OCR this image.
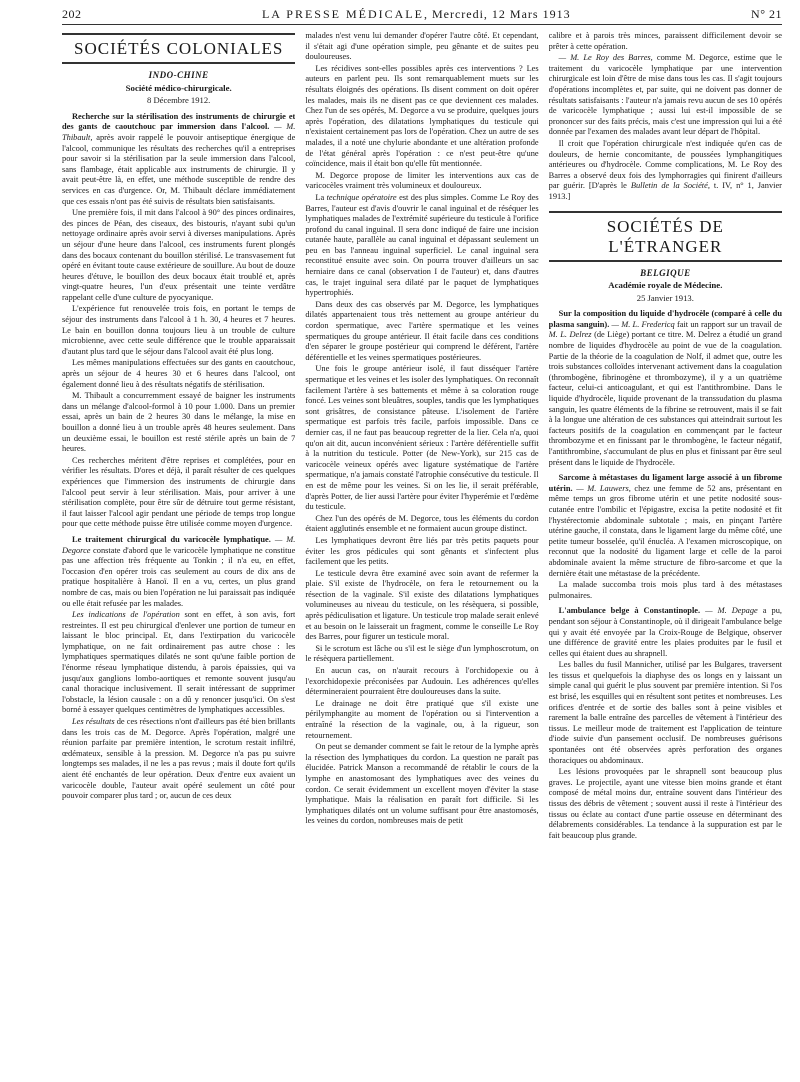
202	LA PRESSE MÉDICALE, Mercredi, 12 Mars 1913	N° 21
SOCIÉTÉS COLONIALES
INDO-CHINE
Société médico-chirurgicale.
8 Décembre 1912.

Recherche sur la stérilisation des instruments de chirurgie et des gants de caoutchouc par immersion dans l'alcool. — M. Thibault, après avoir rappelé le pouvoir antiseptique énergique de l'alcool, communique les résultats des recherches qu'il a entreprises pour savoir si la stérilisation par la seule immersion dans l'alcool, sans flambage, était applicable aux instruments de chirurgie. Il y avait peut-être là, en effet, une méthode susceptible de rendre des services en cas d'urgence. Or, M. Thibault déclare immédiatement que ces essais n'ont pas été suivis de résultats bien satisfaisants.

Une première fois, il mit dans l'alcool à 90° des pinces ordinaires, des pinces de Péan, des ciseaux, des bistouris, n'ayant subi qu'un nettoyage ordinaire après avoir servi à diverses manipulations. Après un séjour d'une heure dans l'alcool, ces instruments furent plongés dans des bocaux contenant du bouillon stérilisé. Le transvasement fut opéré en évitant toute cause extérieure de souillure. Au bout de douze heures d'étuve, le bouillon des deux bocaux était troublé et, après vingt-quatre heures, l'un d'eux présentait une teinte verdâtre rappelant celle d'une culture de pyocyanique.

L'expérience fut renouvelée trois fois, en portant le temps de séjour des instruments dans l'alcool à 1 h. 30, 4 heures et 7 heures. Le bain en bouillon donna toujours lieu à un trouble de culture microbienne, avec cette seule différence que le trouble apparaissait d'autant plus tard que le séjour dans l'alcool avait été plus long.

Les mêmes manipulations effectuées sur des gants en caoutchouc, après un séjour de 4 heures 30 et 6 heures dans l'alcool, ont également donné lieu à des résultats négatifs de stérilisation.

M. Thibault a concurremment essayé de baigner les instruments dans un mélange d'alcool-formol à 10 pour 1.000. Dans un premier essai, après un bain de 2 heures 30 dans le mélange, la mise en bouillon a donné lieu à un trouble après 48 heures seulement. Dans un deuxième essai, le bouillon est resté stérile après un bain de 7 heures.

Ces recherches méritent d'être reprises et complétées, pour en vérifier les résultats. D'ores et déjà, il paraît résulter de ces quelques expériences que l'immersion des instruments de chirurgie dans l'alcool peut servir à leur stérilisation. Mais, pour arriver à une stérilisation complète, pour être sûr de détruire tout germe résistant, il faut laisser l'alcool agir pendant une période de temps trop longue pour que cette méthode puisse être utilisée comme moyen d'urgence.

Le traitement chirurgical du varicocèle lymphatique. — M. Degorce constate d'abord que le varicocèle lymphatique ne constitue pas une affection très fréquente au Tonkin ; il n'a eu, en effet, l'occasion d'en opérer trois cas seulement au cours de dix ans de pratique hospitalière à Hanoï. Il en a vu, certes, un plus grand nombre de cas, mais ou bien l'opération ne lui paraissait pas indiquée ou elle était refusée par les malades.

Les indications de l'opération sont en effet, à son avis, fort restreintes. Il est peu chirurgical d'enlever une portion de tumeur en laissant le bloc principal. Et, dans l'extirpation du varicocèle lymphatique, on ne fait ordinairement pas autre chose : les lymphatiques spermatiques dilatés ne sont qu'une faible portion de l'énorme réseau lymphatique distendu, à parois épaissies, qui va jusqu'aux ganglions lombo-aortiques et remonte souvent jusqu'au canal thoracique inclusivement. Il serait intéressant de supprimer l'obstacle, la lésion causale : on a dû y renoncer jusqu'ici. On s'est borné à essayer quelques centimètres de lymphatiques accessibles.

Les résultats de ces résections n'ont d'ailleurs pas été bien brillants dans les trois cas de M. Degorce. Après l'opération, malgré une réunion parfaite par première intention, le scrotum restait infiltré, œdémateux, sensible à la pression. M. Degorce n'a pas pu suivre longtemps ses malades, il ne les a pas revus ; mais il doute fort qu'ils aient été enchantés de leur opération. Deux d'entre eux avaient un varicocèle double, l'auteur avait opéré seulement un côté pour pouvoir comparer plus tard ; or, aucun de ces deux

malades n'est venu lui demander d'opérer l'autre côté. Et cependant, il s'était agi d'une opération simple, peu gênante et de suites peu douloureuses.

Les récidives sont-elles possibles après ces interventions ? Les auteurs en parlent peu. Ils sont remarquablement muets sur les résultats éloignés des opérations. Ils disent comment on doit opérer les malades, mais ils ne disent pas ce que deviennent ces malades. Chez l'un de ses opérés, M. Degorce a vu se produire, quelques jours après l'opération, des dilatations lymphatiques du testicule qui n'existaient certainement pas lors de l'opération. Chez un autre de ses malades, il a noté une chylurie abondante et une altération profonde de l'état général après l'opération : ce n'est peut-être qu'une coïncidence, mais il était bon qu'elle fût mentionnée.

M. Degorce propose de limiter les interventions aux cas de varicocèles vraiment très volumineux et douloureux.

La technique opératoire est des plus simples. Comme Le Roy des Barres, l'auteur est d'avis d'ouvrir le canal inguinal et de réséquer les lymphatiques malades de l'extrémité supérieure du testicule à l'orifice profond du canal inguinal. Il sera donc indiqué de faire une incision cutanée haute, parallèle au canal inguinal et dépassant seulement un peu en bas l'anneau inguinal superficiel. Le canal inguinal sera reconstitué ensuite avec soin. On pourra trouver d'ailleurs un sac herniaire dans ce canal (observation I de l'auteur) et, dans d'autres cas, le trajet inguinal sera dilaté par le paquet de lymphatiques hypertrophiés.

Dans deux des cas observés par M. Degorce, les lymphatiques dilatés appartenaient tous très nettement au groupe antérieur du cordon spermatique, avec l'artère spermatique et les veines spermatiques du groupe antérieur. Il était facile dans ces conditions d'en séparer le groupe postérieur qui comprend le déférent, l'artère déférentielle et les veines spermatiques postérieures.

Une fois le groupe antérieur isolé, il faut disséquer l'artère spermatique et les veines et les isoler des lymphatiques. On reconnaît facilement l'artère à ses battements et même à sa coloration rouge foncé. Les veines sont bleuâtres, souples, tandis que les lymphatiques sont grisâtres, de consistance pâteuse. L'isolement de l'artère spermatique est parfois très facile, parfois impossible. Dans ce dernier cas, il ne faut pas beaucoup regretter de la lier. Cela n'a, quoi qu'on ait dit, aucun inconvénient sérieux : l'artère déférentielle suffit à la nutrition du testicule. Potter (de New-York), sur 215 cas de varicocèle veineux opérés avec ligature systématique de l'artère spermatique, n'a jamais constaté l'atrophie consécutive du testicule. Il en est de même pour les veines. Si on les lie, il serait préférable, d'après Potter, de lier aussi l'artère pour éviter l'hyperémie et l'œdème du testicule.

Chez l'un des opérés de M. Degorce, tous les éléments du cordon étaient agglutinés ensemble et ne formaient aucun groupe distinct.

Les lymphatiques devront être liés par très petits paquets pour éviter les gros pédicules qui sont gênants et s'infectent plus facilement que les petits.

Le testicule devra être examiné avec soin avant de refermer la plaie. S'il existe de l'hydrocèle, on fera le retournement ou la résection de la vaginale. S'il existe des dilatations lymphatiques volumineuses au niveau du testicule, on les résèquera, si possible, après pédiculisation et ligature. Un testicule trop malade serait enlevé et au besoin on le laisserait un fragment, comme le conseille Le Roy des Barres, pour figurer un testicule moral.

Si le scrotum est lâche ou s'il est le siège d'un lymphoscrotum, on le résèquera partiellement.

En aucun cas, on n'aurait recours à l'orchidopexie ou à l'exorchidopexie préconisées par Audouin. Les adhérences qu'elles détermineraient pourraient être douloureuses dans la suite.

Le drainage ne doit être pratiqué que s'il existe une périlymphangite au moment de l'opération ou si l'intervention a entraîné la résection de la vaginale, ou, à la rigueur, son retournement.

On peut se demander comment se fait le retour de la lymphe après la résection des lymphatiques du cordon. La question ne paraît pas élucidée. Patrick Manson a recommandé de rétablir le cours de la lymphe en anastomosant des lymphatiques avec des veines du cordon. Ce serait évidemment un excellent moyen d'éviter la stase lymphatique. Mais la réalisation en paraît fort difficile. Si les lymphatiques dilatés ont un volume suffisant pour être anastomosés, les veines du cordon, nombreuses mais de petit

calibre et à parois très minces, paraissent difficilement devoir se prêter à cette opération.

— M. Le Roy des Barres, comme M. Degorce, estime que le traitement du varicocèle lymphatique par une intervention chirurgicale est loin d'être de mise dans tous les cas. Il s'agit toujours d'opérations incomplètes et, par suite, qui ne doivent pas donner de résultats satisfaisants : l'auteur n'a jamais revu aucun de ses 10 opérés de varicocèle lymphatique ; aussi lui est-il impossible de se prononcer sur des faits précis, mais c'est une impression qui lui a été donnée par l'examen des malades avant leur départ de l'hôpital.

Il croit que l'opération chirurgicale n'est indiquée qu'en cas de douleurs, de hernie concomitante, de poussées lymphangitiques antérieures ou d'hydrocèle. Comme complications, M. Le Roy des Barres a observé deux fois des lymphorragies qui finirent d'ailleurs par guérir. [D'après le Bulletin de la Société, t. IV, n° 1, Janvier 1913.]

SOCIÉTÉS DE L'ÉTRANGER
BELGIQUE
Académie royale de Médecine.
25 Janvier 1913.

Sur la composition du liquide d'hydrocèle (comparé à celle du plasma sanguin). — M. L. Fredericq fait un rapport sur un travail de M. L. Delrez (de Liège) portant ce titre. M. Delrez a étudié un grand nombre de liquides d'hydrocèle au point de vue de la coagulation. Partie de la théorie de la coagulation de Nolf, il admet que, outre les trois substances colloïdes intervenant activement dans la coagulation (thrombogène, fibrinogène et thrombozyme), il y a un quatrième facteur, celui-ci anticoagulant, et qui est l'antithrombine. Dans le liquide d'hydrocèle, liquide provenant de la transsudation du plasma sanguin, les quatre éléments de la fibrine se retrouvent, mais il se fait à la longue une altération de ces substances qui atteindrait surtout les facteurs positifs de la coagulation en commençant par le facteur thrombozyme et en finissant par le thrombogène, le facteur négatif, l'antithrombine, s'accumulant de plus en plus et finissant par être seul présent dans le liquide de l'hydrocèle.

Sarcome à métastases du ligament large associé à un fibrome utérin. — M. Lauwers, chez une femme de 52 ans, présentant en même temps un gros fibrome utérin et une petite nodosité sous-cutanée entre l'ombilic et l'épigastre, excisa la petite nodosité et fit l'hystérectomie abdominale subtotale ; mais, en pinçant l'artère utérine gauche, il constata, dans le ligament large du même côté, une petite tumeur bosselée, qu'il énucléa. A l'examen microscopique, on reconnut que la nodosité du ligament large et celle de la paroi abdominale avaient la même structure de fibro-sarcome et que la dernière était une métastase de la précédente.

La malade succomba trois mois plus tard à des métastases pulmonaires.

L'ambulance belge à Constantinople. — M. Depage a pu, pendant son séjour à Constantinople, où il dirigeait l'ambulance belge qui y avait été envoyée par la Croix-Rouge de Belgique, observer une différence de gravité entre les plaies produites par le fusil et celles qui étaient dues au shrapnell.

Les balles du fusil Mannicher, utilisé par les Bulgares, traversent les tissus et quelquefois la diaphyse des os longs en y laissant un simple canal qui guérit le plus souvent par première intention. Si l'os est brisé, les esquilles qui en résultent sont petites et nombreuses. Les orifices d'entrée et de sortie des balles sont à peine visibles et rarement la balle entraîne des parcelles de vêtement à l'intérieur des tissus. Le meilleur mode de traitement est l'application de teinture d'iode suivie d'un pansement occlusif. De nombreuses guérisons spontanées ont été observées après perforation des organes thoraciques ou abdominaux.

Les lésions provoquées par le shrapnell sont beaucoup plus graves. Le projectile, ayant une vitesse bien moins grande et étant composé de métal moins dur, entraîne souvent dans l'intérieur des tissus des débris de vêtement ; souvent aussi il reste à l'intérieur des tissus ou éclate au contact d'une partie osseuse en déterminant des délabrements considérables. La tendance à la suppuration est par le fait beaucoup plus grande.
